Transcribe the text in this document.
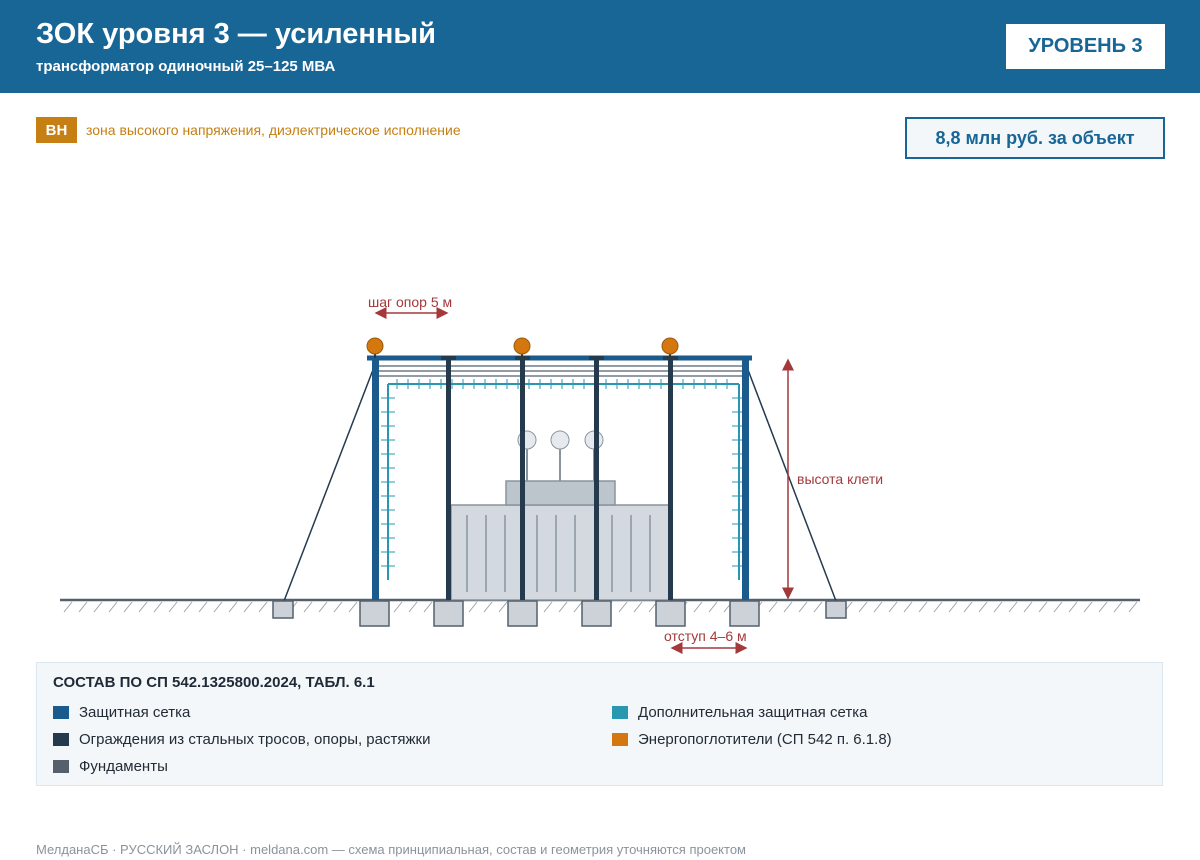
ЗОК уровня 3 — усиленный
трансформатор одиночный 25–125 МВА
УРОВЕНЬ 3
ВН	зона высокого напряжения, диэлектрическое исполнение	8,8 млн руб. за объект
шаг опор 5 м
высота клети
отступ 4–6 м
СОСТАВ ПО СП 542.1325800.2024, ТАБЛ. 6.1
Защитная сетка
Ограждения из стальных тросов, опоры, растяжки
Фундаменты
Дополнительная защитная сетка
Энергопоглотители (СП 542 п. 6.1.8)
МелданаСБ · РУССКИЙ ЗАСЛОН · meldana.com — схема принципиальная, состав и геометрия уточняются проектом
